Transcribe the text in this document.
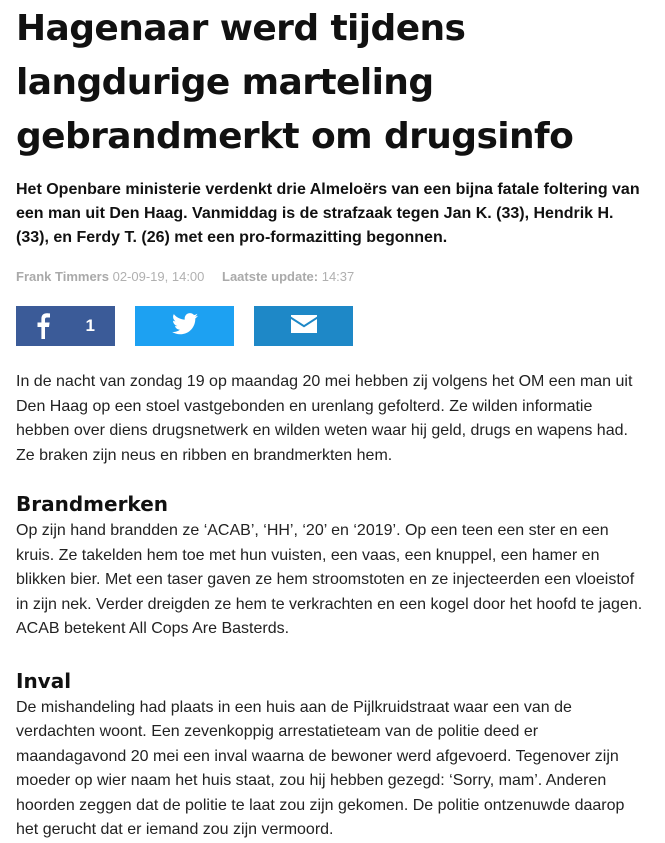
Hagenaar werd tijdens langdurige marteling gebrandmerkt om drugsinfo

Het Openbare ministerie verdenkt drie Almeloërs van een bijna fatale foltering van een man uit Den Haag. Vanmiddag is de strafzaak tegen Jan K. (33), Hendrik H. (33), en Ferdy T. (26) met een pro-formazitting begonnen.

Frank Timmers 02-09-19, 14:00 Laatste update: 14:37
1

In de nacht van zondag 19 op maandag 20 mei hebben zij volgens het OM een man uit Den Haag op een stoel vastgebonden en urenlang gefolterd. Ze wilden informatie hebben over diens drugsnetwerk en wilden weten waar hij geld, drugs en wapens had. Ze braken zijn neus en ribben en brandmerkten hem.

Brandmerken

Op zijn hand brandden ze ‘ACAB’, ‘HH’, ‘20’ en ‘2019’. Op een teen een ster en een kruis. Ze takelden hem toe met hun vuisten, een vaas, een knuppel, een hamer en blikken bier. Met een taser gaven ze hem stroomstoten en ze injecteerden een vloeistof in zijn nek. Verder dreigden ze hem te verkrachten en een kogel door het hoofd te jagen. ACAB betekent All Cops Are Basterds.

Inval

De mishandeling had plaats in een huis aan de Pijlkruidstraat waar een van de verdachten woont. Een zevenkoppig arrestatieteam van de politie deed er maandagavond 20 mei een inval waarna de bewoner werd afgevoerd. Tegenover zijn moeder op wier naam het huis staat, zou hij hebben gezegd: ‘Sorry, mam’. Anderen hoorden zeggen dat de politie te laat zou zijn gekomen. De politie ontzenuwde daarop het gerucht dat er iemand zou zijn vermoord.
